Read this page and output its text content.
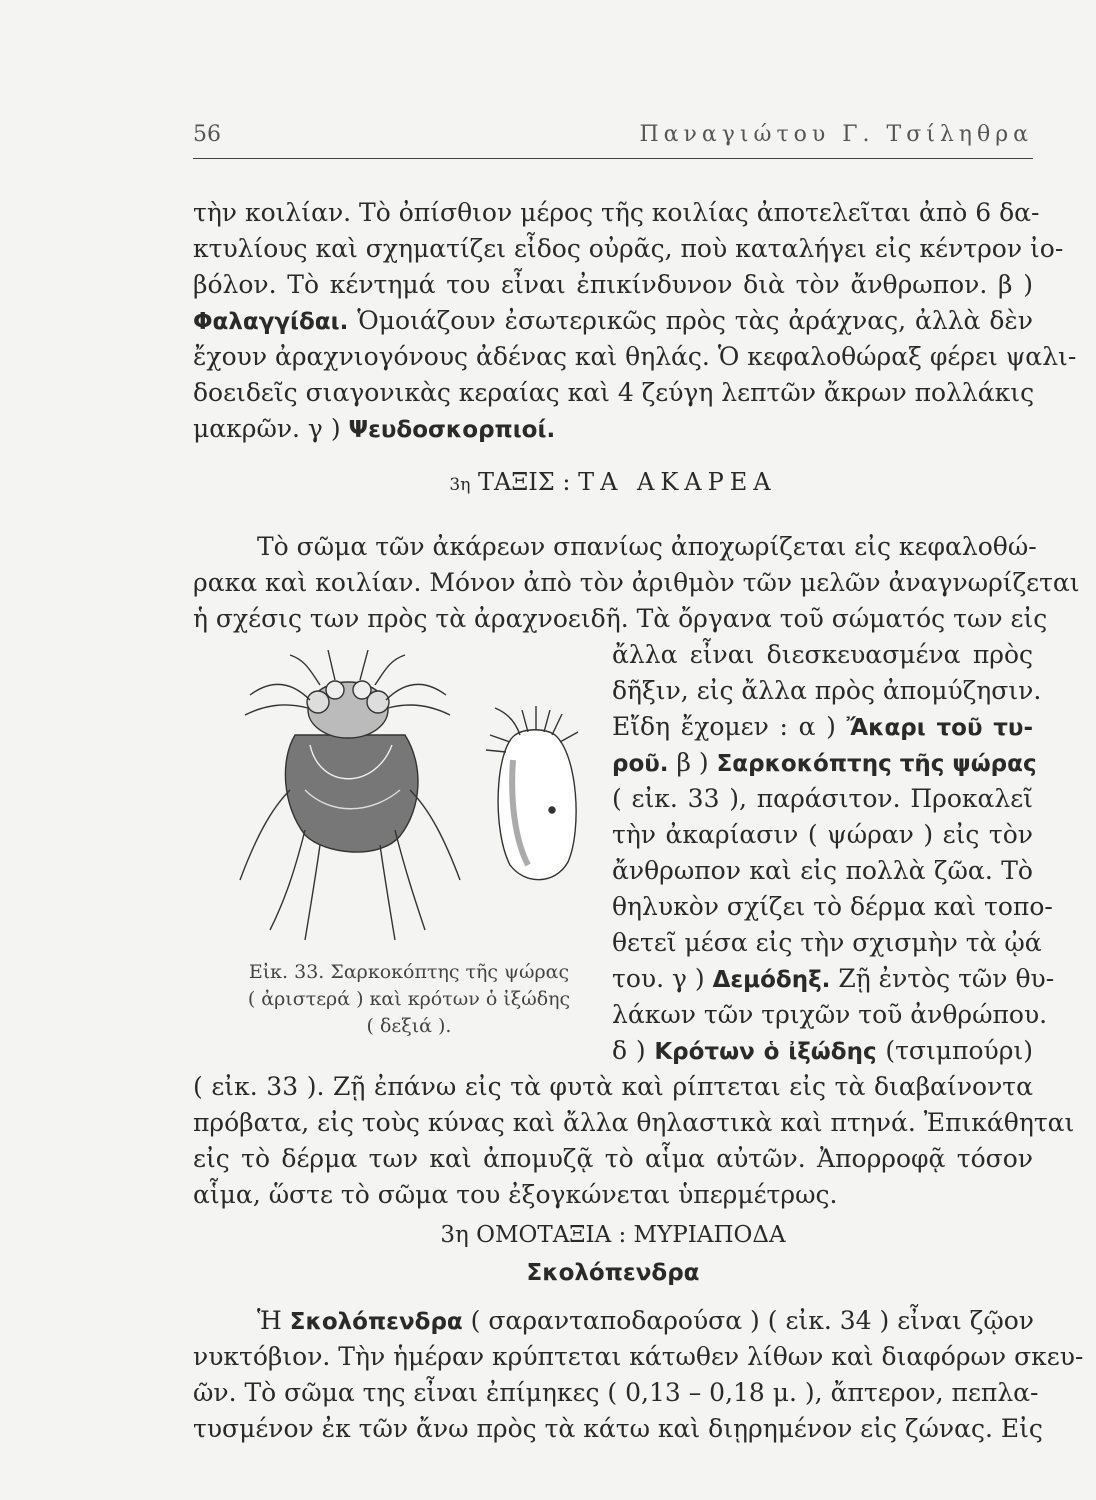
56	Παναγιώτου Γ. Τσίληθρα
τὴν κοιλίαν. Τὸ ὀπίσθιον μέρος τῆς κοιλίας ἀποτελεῖται ἀπὸ 6 δα-
κτυλίους καὶ σχηματίζει εἶδος οὐρᾶς, ποὺ καταλήγει εἰς κέντρον ἰο-
βόλον. Τὸ κέντημά του εἶναι ἐπικίνδυνον διὰ τὸν ἄνθρωπον. β )
Φαλαγγίδαι. Ὁμοιάζουν ἐσωτερικῶς πρὸς τὰς ἀράχνας, ἀλλὰ δὲν
ἔχουν ἀραχνιογόνους ἀδένας καὶ θηλάς. Ὁ κεφαλοθώραξ φέρει ψαλι-
δοειδεῖς σιαγονικὰς κεραίας καὶ 4 ζεύγη λεπτῶν ἄκρων πολλάκις
μακρῶν. γ ) Ψευδοσκορπιοί.
3η ΤΑΞΙΣ : ΤΑ ΑΚΑΡΕΑ
Τὸ σῶμα τῶν ἀκάρεων σπανίως ἀποχωρίζεται εἰς κεφαλοθώ-
ρακα καὶ κοιλίαν. Μόνον ἀπὸ τὸν ἀριθμὸν τῶν μελῶν ἀναγνωρίζεται
ἡ σχέσις των πρὸς τὰ ἀραχνοειδῆ. Τὰ ὄργανα τοῦ σώματός των εἰς
ἄλλα εἶναι διεσκευασμένα πρὸς
δῆξιν, εἰς ἄλλα πρὸς ἀπομύζησιν.
Εἴδη ἔχομεν : α ) Ἄκαρι τοῦ τυ-
ροῦ. β ) Σαρκοκόπτης τῆς ψώρας
( εἰκ. 33 ), παράσιτον. Προκαλεῖ
τὴν ἀκαρίασιν ( ψώραν ) εἰς τὸν
ἄνθρωπον καὶ εἰς πολλὰ ζῶα. Τὸ
θηλυκὸν σχίζει τὸ δέρμα καὶ τοπο-
θετεῖ μέσα εἰς τὴν σχισμὴν τὰ ᾠά
του. γ ) Δεμόδηξ. Ζῇ ἐντὸς τῶν θυ-
λάκων τῶν τριχῶν τοῦ ἀνθρώπου.
δ ) Κρότων ὁ ἰξώδης (τσιμπούρι)
( εἰκ. 33 ). Ζῇ ἐπάνω εἰς τὰ φυτὰ καὶ ρίπτεται εἰς τὰ διαβαίνοντα
πρόβατα, εἰς τοὺς κύνας καὶ ἄλλα θηλαστικὰ καὶ πτηνά. Ἐπικάθηται
εἰς τὸ δέρμα των καὶ ἀπομυζᾷ τὸ αἷμα αὐτῶν. Ἀπορροφᾷ τόσον
αἷμα, ὥστε τὸ σῶμα του ἐξογκώνεται ὑπερμέτρως.
Εἰκ. 33. Σαρκοκόπτης τῆς ψώρας
( ἀριστερά ) καὶ κρότων ὁ ἰξώδης
( δεξιά ).
3η ΟΜΟΤΑΞΙΑ : ΜΥΡΙΑΠΟΔΑ
Σκολόπενδρα
Ἡ Σκολόπενδρα ( σαρανταποδαρούσα ) ( εἰκ. 34 ) εἶναι ζῷον
νυκτόβιον. Τὴν ἡμέραν κρύπτεται κάτωθεν λίθων καὶ διαφόρων σκευ-
ῶν. Τὸ σῶμα της εἶναι ἐπίμηκες ( 0,13 – 0,18 μ. ), ἄπτερον, πεπλα-
τυσμένον ἐκ τῶν ἄνω πρὸς τὰ κάτω καὶ διῃρημένον εἰς ζώνας. Εἰς
